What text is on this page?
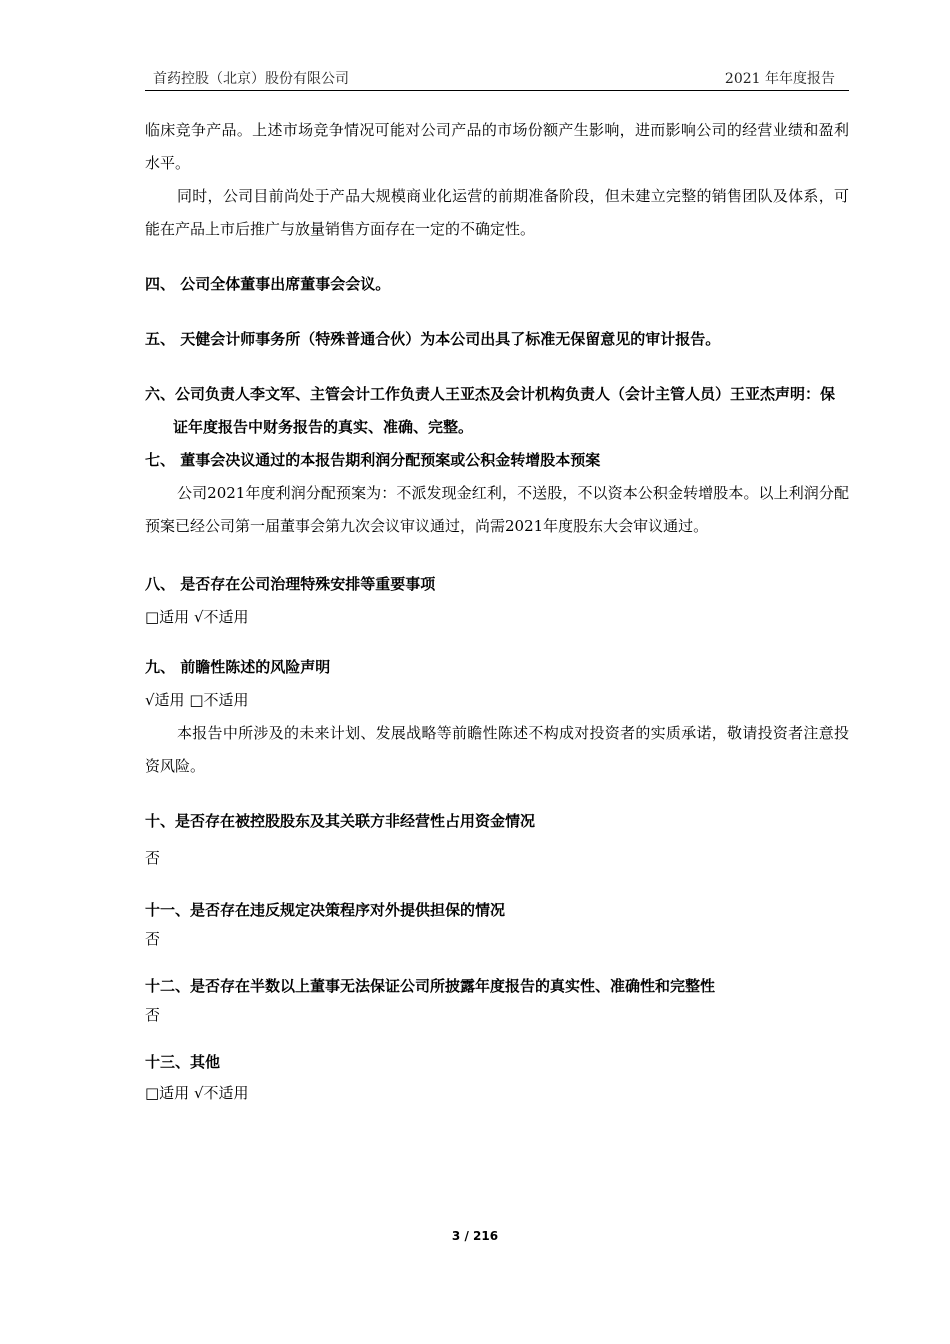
首药控股（北京）股份有限公司	2021 年年度报告

临床竞争产品。上述市场竞争情况可能对公司产品的市场份额产生影响，进而影响公司的经营业绩和盈利水平。

同时，公司目前尚处于产品大规模商业化运营的前期准备阶段，但未建立完整的销售团队及体系，可能在产品上市后推广与放量销售方面存在一定的不确定性。

四、 公司全体董事出席董事会会议。

五、 天健会计师事务所（特殊普通合伙）为本公司出具了标准无保留意见的审计报告。

六、公司负责人李文军、主管会计工作负责人王亚杰及会计机构负责人（会计主管人员）王亚杰声明：保证年度报告中财务报告的真实、准确、完整。

七、 董事会决议通过的本报告期利润分配预案或公积金转增股本预案

公司2021年度利润分配预案为：不派发现金红利，不送股，不以资本公积金转增股本。以上利润分配预案已经公司第一届董事会第九次会议审议通过，尚需2021年度股东大会审议通过。

八、 是否存在公司治理特殊安排等重要事项

□适用 √不适用

九、 前瞻性陈述的风险声明

√适用 □不适用

本报告中所涉及的未来计划、发展战略等前瞻性陈述不构成对投资者的实质承诺，敬请投资者注意投资风险。

十、是否存在被控股股东及其关联方非经营性占用资金情况

否

十一、是否存在违反规定决策程序对外提供担保的情况

否

十二、是否存在半数以上董事无法保证公司所披露年度报告的真实性、准确性和完整性

否

十三、其他

□适用 √不适用

3 / 216
